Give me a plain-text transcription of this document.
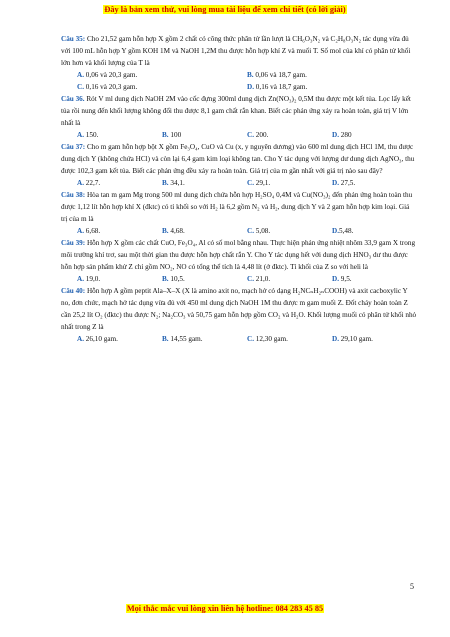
Đây là bản xem thử, vui lòng mua tài liệu để xem chi tiết (có lời giải)

Câu 35: Cho 21,52 gam hỗn hợp X gồm 2 chất có công thức phân tử lần lượt là CH₆O₃N₂ và C₂H₈O₃N₂ tác dụng vừa đủ với 100 mL hỗn hợp Y gồm KOH 1M và NaOH 1,2M thu được hỗn hợp khí Z và muối T. Số mol của khí có phân tử khối lớn hơn và khối lượng của T là

A. 0,06 và 20,3 gam.	B. 0,06 và 18,7 gam.
C. 0,16 và 20,3 gam.	D. 0,16 và 18,7 gam.

Câu 36. Rót V ml dung dịch NaOH 2M vào cốc đựng 300ml dung dịch Zn(NO₃)₂ 0,5M thu được một kết tủa. Lọc lấy kết tủa rồi nung đến khối lượng không đổi thu được 8,1 gam chất rắn khan. Biết các phản ứng xảy ra hoàn toàn, giá trị V lớn nhất là

A. 150.	B. 100	C. 200.	D. 280

Câu 37: Cho m gam hỗn hợp bột X gồm Fe₃O₄, CuO và Cu (x, y nguyên dương) vào 600 ml dung dịch HCl 1M, thu được dung dịch Y (không chứa HCl) và còn lại 6,4 gam kim loại không tan. Cho Y tác dụng với lượng dư dung dịch AgNO₃, thu được 102,3 gam kết tủa. Biết các phản ứng đều xảy ra hoàn toàn. Giá trị của m gần nhất với giá trị nào sau đây?

A. 22,7.	B. 34,1.	C. 29,1.	D. 27,5.

Câu 38: Hòa tan m gam Mg trong 500 ml dung dịch chứa hỗn hợp H₂SO₄ 0,4M và Cu(NO₃)₂ đến phản ứng hoàn toàn thu được 1,12 lít hỗn hợp khí X (đktc) có tỉ khối so với H₂ là 6,2 gồm N₂ và H₂, dung dịch Y và 2 gam hỗn hợp kim loại. Giá trị của m là

A. 6,68.	B. 4,68.	C. 5,08.	D.5,48.

Câu 39: Hỗn hợp X gồm các chất CuO, Fe₃O₄, Al có số mol bằng nhau. Thực hiện phản ứng nhiệt nhôm 33,9 gam X trong môi trường khí trơ, sau một thời gian thu được hỗn hợp chất rắn Y. Cho Y tác dụng hết với dung dịch HNO₃ dư thu được hỗn hợp sản phẩm khử Z chỉ gồm NO₂, NO có tổng thể tích là 4,48 lít (ở đktc). Tỉ khối của Z so với heli là

A. 19,0.	B. 10,5.	C. 21,0.	D. 9,5.

Câu 40: Hỗn hợp A gồm peptit Ala–X–X (X là amino axit no, mạch hở có dạng H₂NCₙH₂ₙCOOH) và axit cacboxylic Y no, đơn chức, mạch hở tác dụng vừa đủ với 450 ml dung dịch NaOH 1M thu được m gam muối Z. Đốt cháy hoàn toàn Z cần 25,2 lít O₂ (đktc) thu được N₂; Na₂CO₃ và 50,75 gam hỗn hợp gồm CO₂ và H₂O. Khối lượng muối có phân tử khối nhỏ nhất trong Z là

A. 26,10 gam.	B. 14,55 gam.	C. 12,30 gam.	D. 29,10 gam.
5
Mọi thắc mắc vui lòng xin liên hệ hotline: 084 283 45 85
